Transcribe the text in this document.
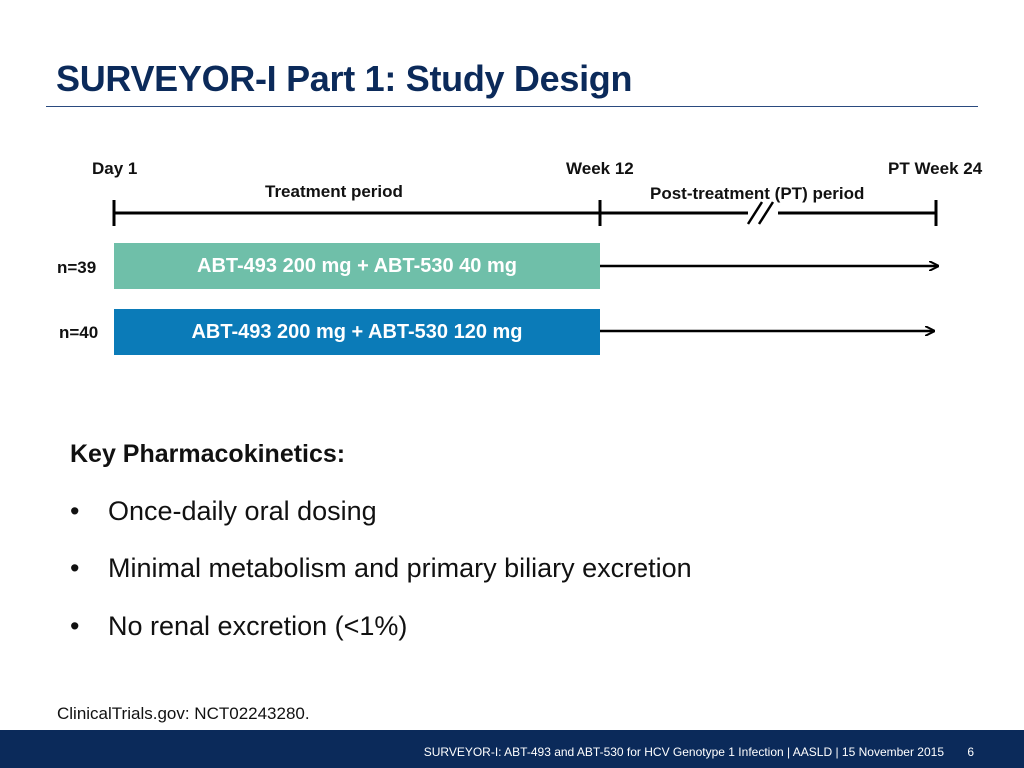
SURVEYOR-I Part 1: Study Design
Day 1	Week 12	PT Week 24
Treatment period	Post-treatment (PT) period
n=39	ABT-493 200 mg + ABT-530 40 mg
n=40	ABT-493 200 mg + ABT-530 120 mg
Key Pharmacokinetics:
• Once-daily oral dosing
• Minimal metabolism and primary biliary excretion
• No renal excretion (<1%)
ClinicalTrials.gov: NCT02243280.
SURVEYOR-I: ABT-493 and ABT-530 for HCV Genotype 1 Infection | AASLD | 15 November 2015 6
